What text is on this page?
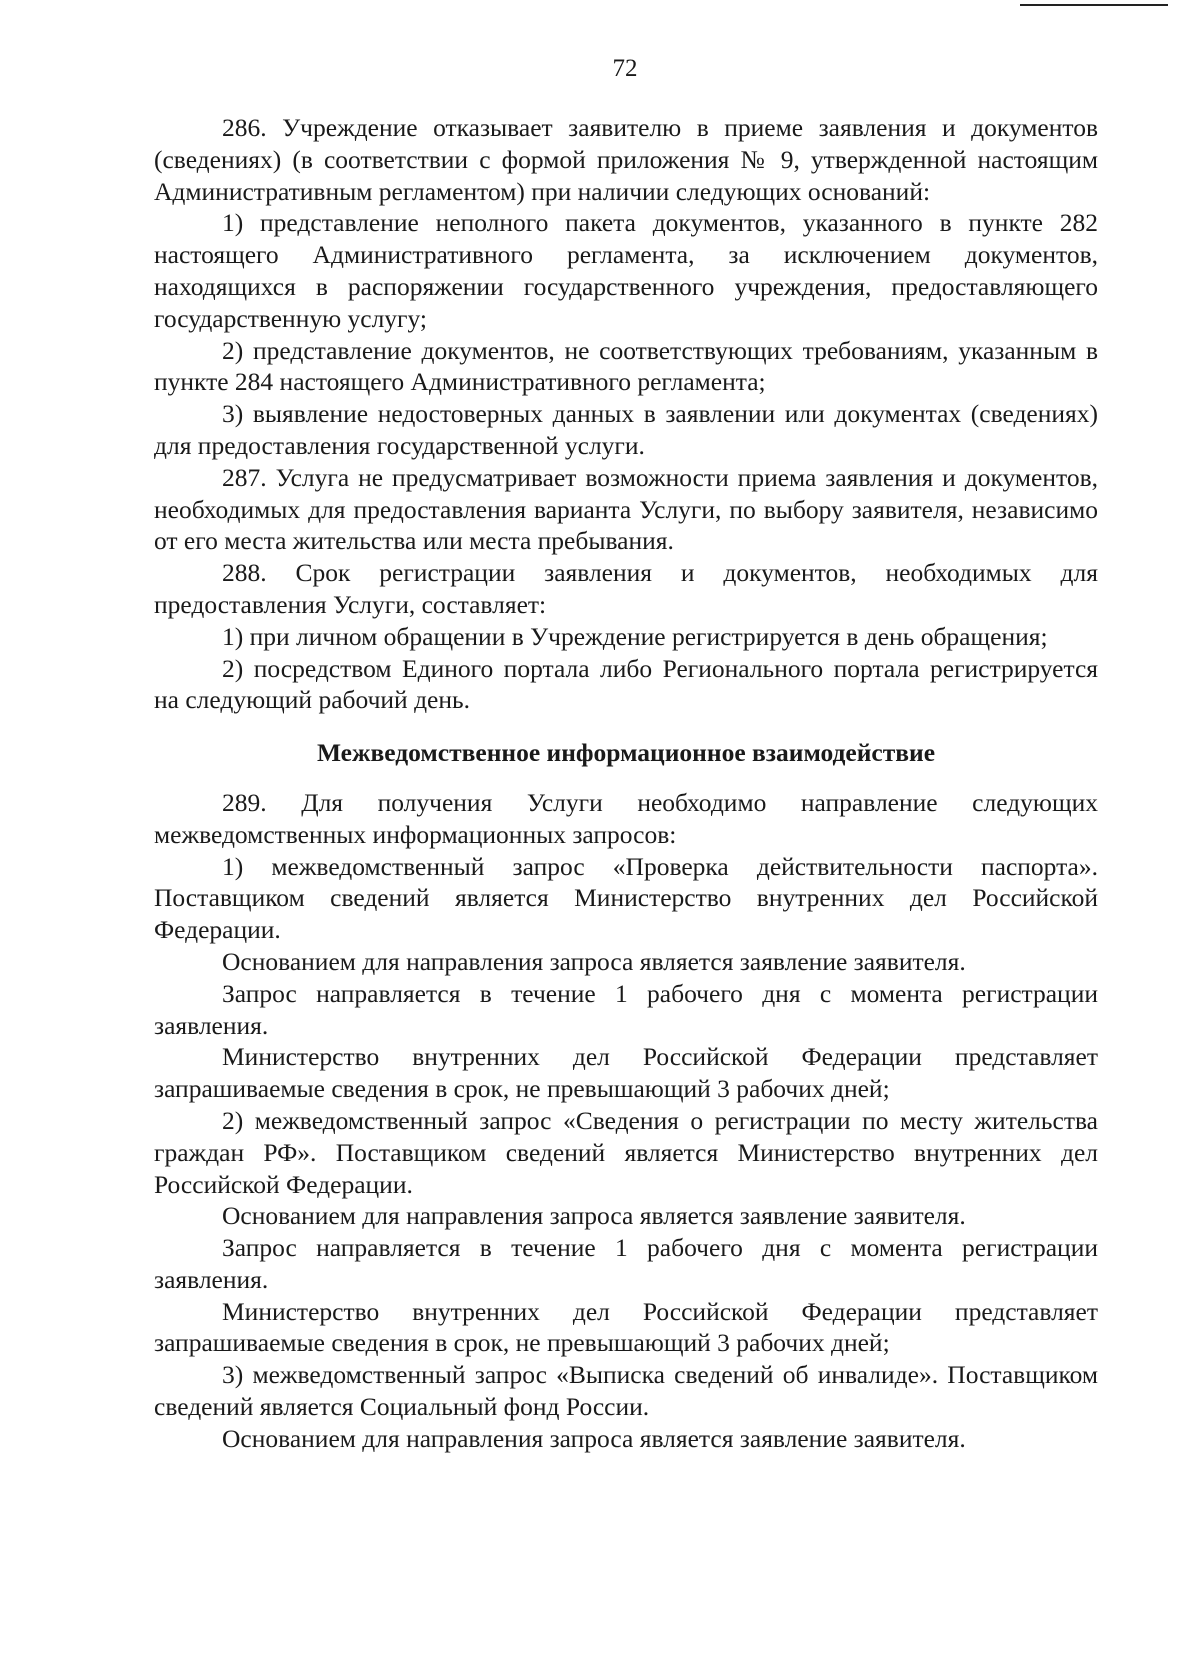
72

286. Учреждение отказывает заявителю в приеме заявления и документов (сведениях) (в соответствии с формой приложения № 9, утвержденной настоящим Административным регламентом) при наличии следующих оснований:

1) представление неполного пакета документов, указанного в пункте 282 настоящего Административного регламента, за исключением документов, находящихся в распоряжении государственного учреждения, предоставляющего государственную услугу;

2) представление документов, не соответствующих требованиям, указанным в пункте 284 настоящего Административного регламента;

3) выявление недостоверных данных в заявлении или документах (сведениях) для предоставления государственной услуги.

287. Услуга не предусматривает возможности приема заявления и документов, необходимых для предоставления варианта Услуги, по выбору заявителя, независимо от его места жительства или места пребывания.

288. Срок регистрации заявления и документов, необходимых для предоставления Услуги, составляет:

1) при личном обращении в Учреждение регистрируется в день обращения;

2) посредством Единого портала либо Регионального портала регистрируется на следующий рабочий день.

Межведомственное информационное взаимодействие

289. Для получения Услуги необходимо направление следующих межведомственных информационных запросов:

1) межведомственный запрос «Проверка действительности паспорта». Поставщиком сведений является Министерство внутренних дел Российской Федерации.

Основанием для направления запроса является заявление заявителя.

Запрос направляется в течение 1 рабочего дня с момента регистрации заявления.

Министерство внутренних дел Российской Федерации представляет запрашиваемые сведения в срок, не превышающий 3 рабочих дней;

2) межведомственный запрос «Сведения о регистрации по месту жительства граждан РФ». Поставщиком сведений является Министерство внутренних дел Российской Федерации.

Основанием для направления запроса является заявление заявителя.

Запрос направляется в течение 1 рабочего дня с момента регистрации заявления.

Министерство внутренних дел Российской Федерации представляет запрашиваемые сведения в срок, не превышающий 3 рабочих дней;

3) межведомственный запрос «Выписка сведений об инвалиде». Поставщиком сведений является Социальный фонд России.

Основанием для направления запроса является заявление заявителя.
